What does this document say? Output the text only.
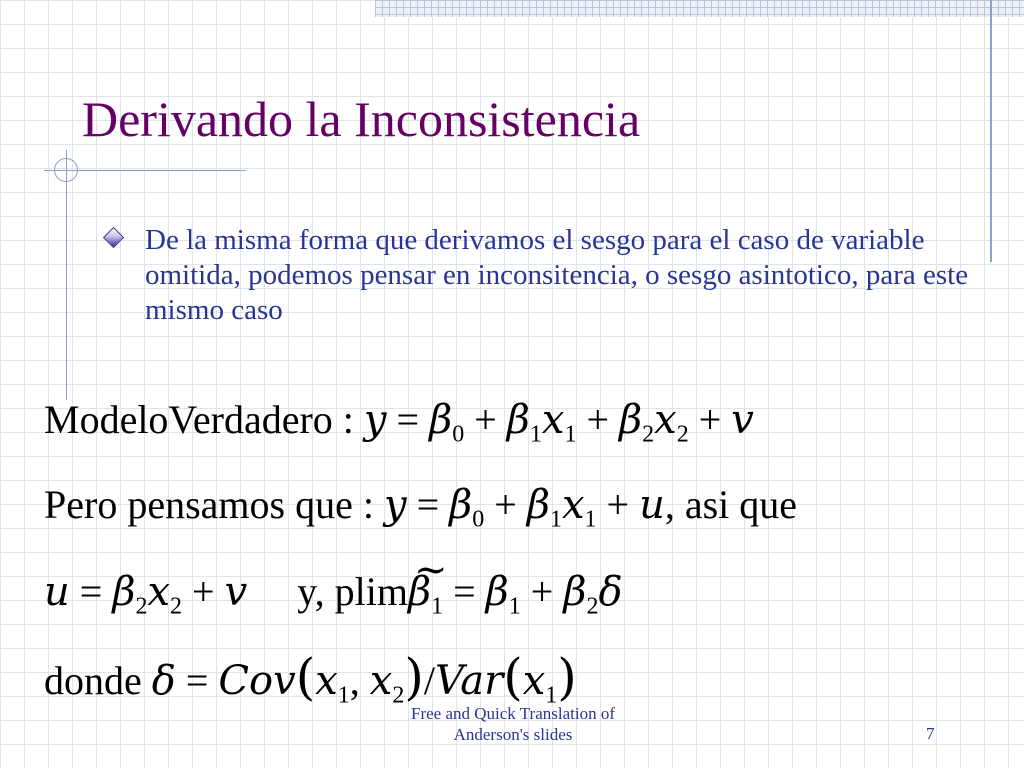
Derivando la Inconsistencia

De la misma forma que derivamos el sesgo para el caso de variable omitida, podemos pensar en inconsitencia, o sesgo asintotico, para este mismo caso

ModeloVerdadero : $y = \beta_0 + \beta_1x_1 + \beta_2x_2 + v$
Pero pensamos que : $y = \beta_0 + \beta_1x_1 + u$, asi que
$u = \beta_2x_2 + v$ y, plim~ $\beta_1 = \beta_1 + \beta_2\delta$
donde $\delta = Cov(x_1$, $x_2)/Var(x_1)$
Free and Quick Translation of Anderson's slides	7
